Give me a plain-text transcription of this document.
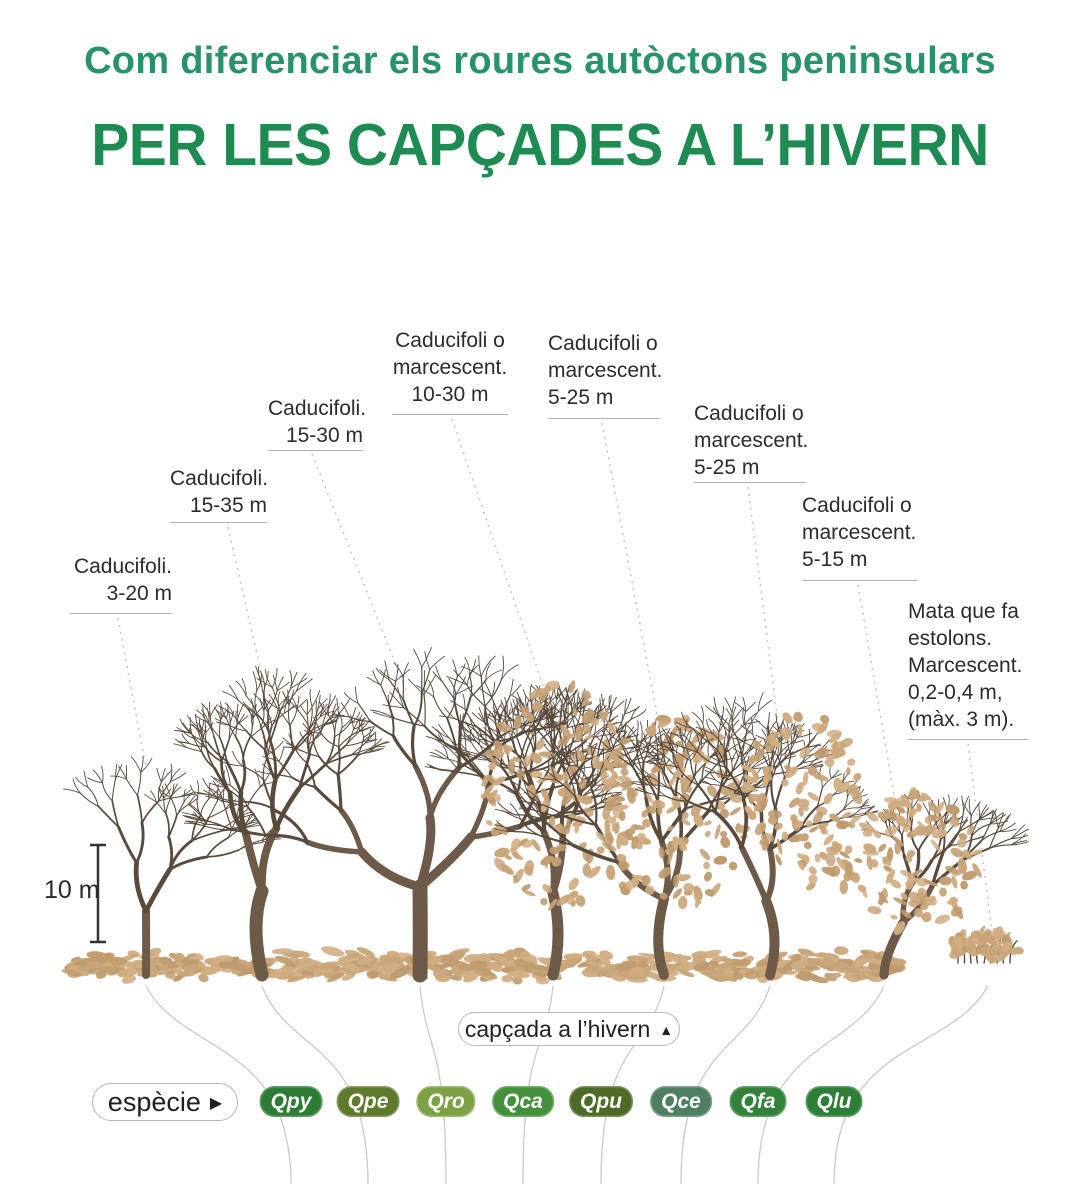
Com diferenciar els roures autòctons peninsulars
PER LES CAPÇADES A L’HIVERN
10 m
Caducifoli.
3-20 m
Caducifoli.
15-35 m
Caducifoli.
15-30 m
Caducifoli o
marcescent.
10-30 m
Caducifoli o
marcescent.
5-25 m
Caducifoli o
marcescent.
5-25 m
Caducifoli o
marcescent.
5-15 m
Mata que fa
estolons.
Marcescent.
0,2-0,4 m,
(màx. 3 m).
capçada a l’hivern ▲
espècie ▶	Qpy	Qpe	Qro	Qca	Qpu	Qce	Qfa	Qlu
